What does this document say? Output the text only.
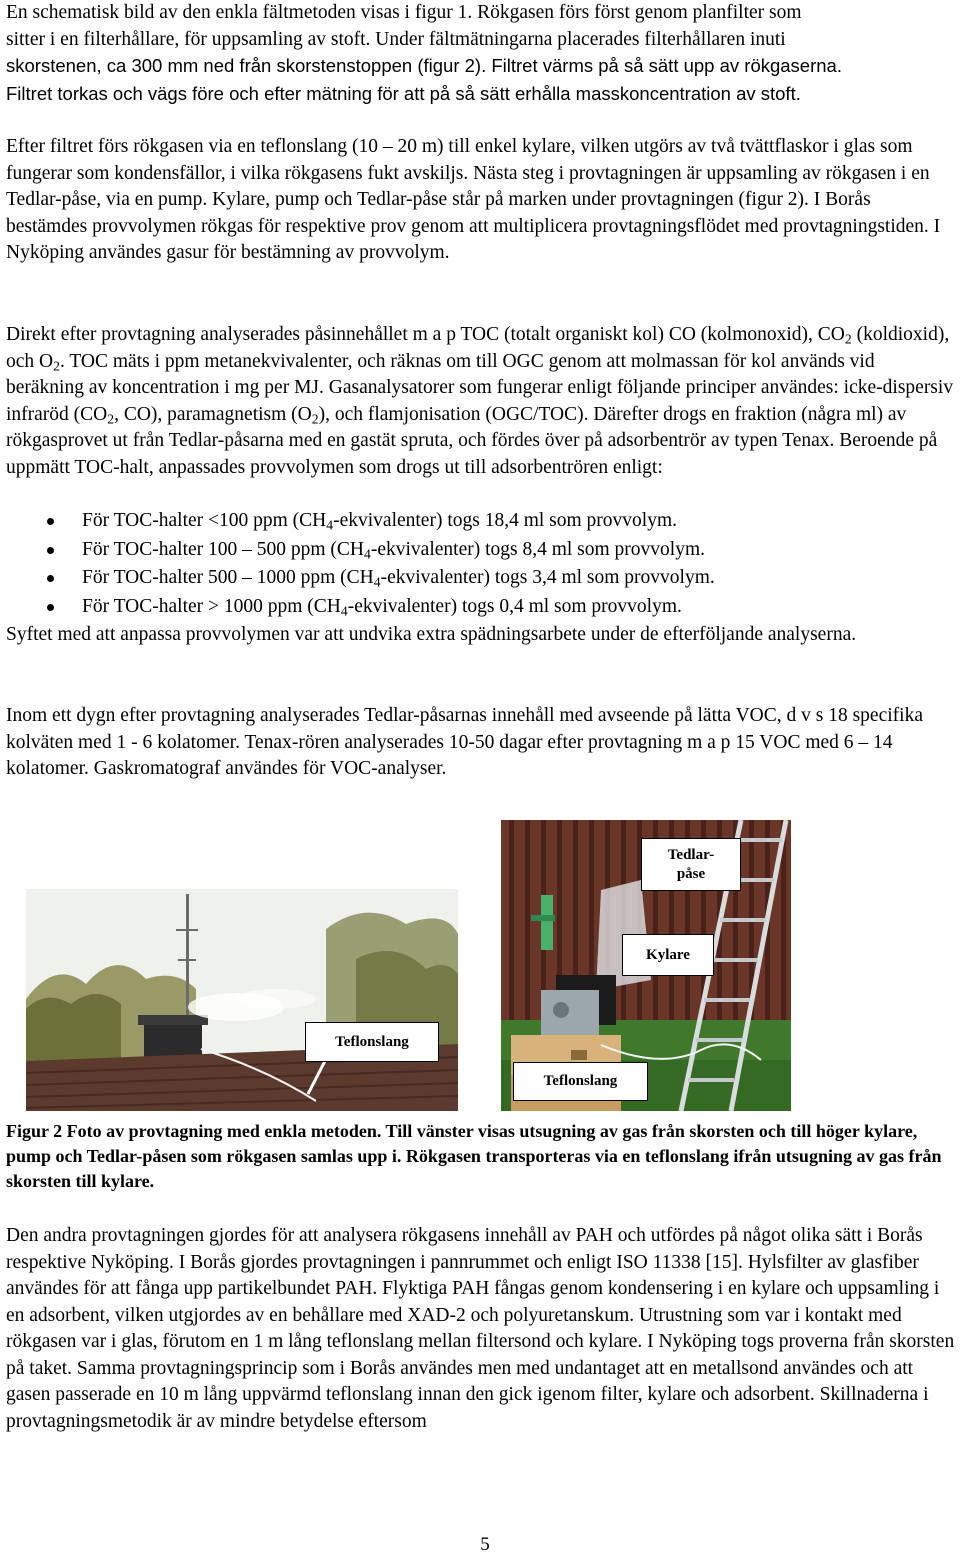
En schematisk bild av den enkla fältmetoden visas i figur 1. Rökgasen förs först genom planfilter som
sitter i en filterhållare, för uppsamling av stoft. Under fältmätningarna placerades filterhållaren inuti
skorstenen, ca 300 mm ned från skorstenstoppen (figur 2). Filtret värms på så sätt upp av rökgaserna.
Filtret torkas och vägs före och efter mätning för att på så sätt erhålla masskoncentration av stoft.

Efter filtret förs rökgasen via en teflonslang (10 – 20 m) till enkel kylare, vilken utgörs av två tvättflaskor i glas som fungerar som kondensfällor, i vilka rökgasens fukt avskiljs. Nästa steg i provtagningen är uppsamling av rökgasen i en Tedlar-påse, via en pump. Kylare, pump och Tedlar-påse står på marken under provtagningen (figur 2). I Borås bestämdes provvolymen rökgas för respektive prov genom att multiplicera provtagningsflödet med provtagningstiden. I Nyköping användes gasur för bestämning av provvolym.

Direkt efter provtagning analyserades påsinnehållet m a p TOC (totalt organiskt kol) CO (kolmonoxid), $CO_2$ (koldioxid), och $O_2$. TOC mäts i ppm metanekvivalenter, och räknas om till OGC genom att molmassan för kol används vid beräkning av koncentration i mg per MJ. Gasanalysatorer som fungerar enligt följande principer användes: icke-dispersiv infraröd ($CO_2$, CO), paramagnetism $(O_2)$, och flamjonisation (OGC/TOC). Därefter drogs en fraktion (några ml) av rökgasprovet ut från Tedlar-påsarna med en gastät spruta, och fördes över på adsorbentrör av typen Tenax. Beroende på uppmätt TOC-halt, anpassades provvolymen som drogs ut till adsorbentrören enligt:

För TOC-halter <100 ppm $(CH_4-ekvivalenter)$ togs 18,4 ml som provvolym.
För TOC-halter 100 – 500 ppm $(CH_4-ekvivalenter)$ togs 8,4 ml som provvolym.
För TOC-halter 500 – 1000 ppm $(CH_4-ekvivalenter)$ togs 3,4 ml som provvolym.
För TOC-halter > 1000 ppm $(CH_4-ekvivalenter)$ togs 0,4 ml som provvolym.

Syftet med att anpassa provvolymen var att undvika extra spädningsarbete under de efterföljande analyserna.

Inom ett dygn efter provtagning analyserades Tedlar-påsarnas innehåll med avseende på lätta VOC, d v s 18 specifika kolväten med 1 - 6 kolatomer. Tenax-rören analyserades 10-50 dagar efter provtagning m a p 15 VOC med 6 – 14 kolatomer. Gaskromatograf användes för VOC-analyser.

Tedlar-
påse
Kylare
Teflonslang
Teflonslang

Figur 2 Foto av provtagning med enkla metoden. Till vänster visas utsugning av gas från skorsten och till höger kylare, pump och Tedlar-påsen som rökgasen samlas upp i. Rökgasen transporteras via en teflonslang ifrån utsugning av gas från skorsten till kylare.

Den andra provtagningen gjordes för att analysera rökgasens innehåll av PAH och utfördes på något olika sätt i Borås respektive Nyköping. I Borås gjordes provtagningen i pannrummet och enligt ISO 11338 [15]. Hylsfilter av glasfiber användes för att fånga upp partikelbundet PAH. Flyktiga PAH fångas genom kondensering i en kylare och uppsamling i en adsorbent, vilken utgjordes av en behållare med XAD-2 och polyuretanskum. Utrustning som var i kontakt med rökgasen var i glas, förutom en 1 m lång teflonslang mellan filtersond och kylare. I Nyköping togs proverna från skorsten på taket. Samma provtagningsprincip som i Borås användes men med undantaget att en metallsond användes och att gasen passerade en 10 m lång uppvärmd teflonslang innan den gick igenom filter, kylare och adsorbent. Skillnaderna i provtagningsmetodik är av mindre betydelse eftersom

5
